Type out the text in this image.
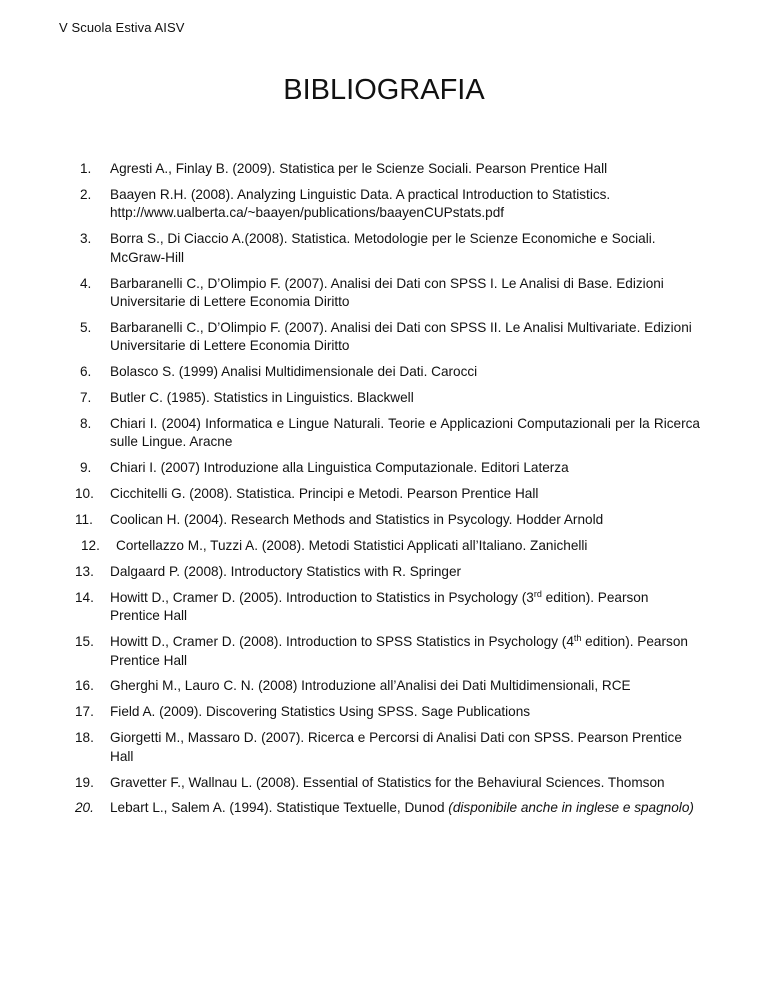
V Scuola Estiva AISV
BIBLIOGRAFIA
1. Agresti A., Finlay B. (2009). Statistica per le Scienze Sociali. Pearson Prentice Hall
2. Baayen R.H. (2008). Analyzing Linguistic Data. A practical Introduction to Statistics.
http://www.ualberta.ca/~baayen/publications/baayenCUPstats.pdf
3. Borra S., Di Ciaccio A.(2008). Statistica. Metodologie per le Scienze Economiche e Sociali. McGraw-Hill
4. Barbaranelli C., D’Olimpio F. (2007). Analisi dei Dati con SPSS I. Le Analisi di Base. Edizioni Universitarie di Lettere Economia Diritto
5. Barbaranelli C., D’Olimpio F. (2007). Analisi dei Dati con SPSS II. Le Analisi Multivariate. Edizioni Universitarie di Lettere Economia Diritto
6. Bolasco S. (1999) Analisi Multidimensionale dei Dati. Carocci
7. Butler C. (1985). Statistics in Linguistics. Blackwell
8. Chiari I. (2004) Informatica e Lingue Naturali. Teorie e Applicazioni Computazionali per la Ricerca sulle Lingue. Aracne
9. Chiari I. (2007) Introduzione alla Linguistica Computazionale. Editori Laterza
10. Cicchitelli G. (2008). Statistica. Principi e Metodi. Pearson Prentice Hall
11. Coolican H. (2004). Research Methods and Statistics in Psycology. Hodder Arnold
12. Cortellazzo M., Tuzzi A. (2008). Metodi Statistici Applicati all’Italiano. Zanichelli
13. Dalgaard P. (2008). Introductory Statistics with R. Springer
14. Howitt D., Cramer D. (2005). Introduction to Statistics in Psychology (3rd edition). Pearson Prentice Hall
15. Howitt D., Cramer D. (2008). Introduction to SPSS Statistics in Psychology (4th edition). Pearson Prentice Hall
16. Gherghi M., Lauro C. N. (2008) Introduzione all’Analisi dei Dati Multidimensionali, RCE
17. Field A. (2009). Discovering Statistics Using SPSS. Sage Publications
18. Giorgetti M., Massaro D. (2007). Ricerca e Percorsi di Analisi Dati con SPSS. Pearson Prentice Hall
19. Gravetter F., Wallnau L. (2008). Essential of Statistics for the Behaviural Sciences. Thomson
20. Lebart L., Salem A. (1994). Statistique Textuelle, Dunod (disponibile anche in inglese e spagnolo)
